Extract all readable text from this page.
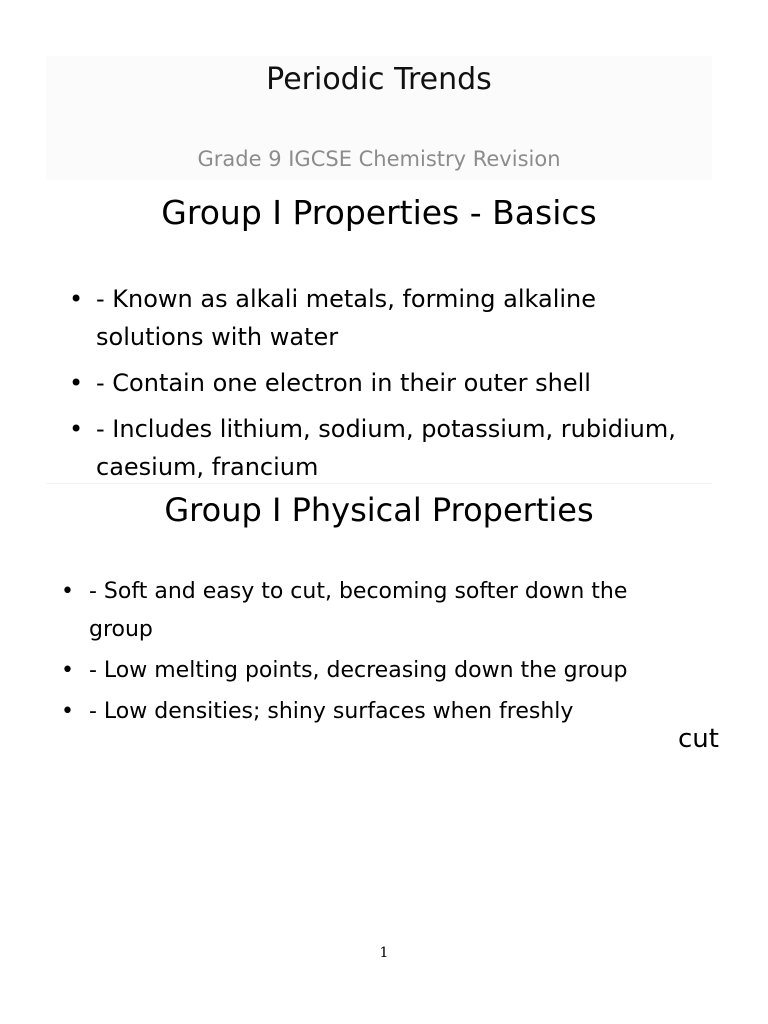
Periodic Trends
Grade 9 IGCSE Chemistry Revision
Group I Properties - Basics
• - Known as alkali metals, forming alkaline solutions with water
• - Contain one electron in their outer shell
• - Includes lithium, sodium, potassium, rubidium, caesium, francium
Group I Physical Properties
• - Soft and easy to cut, becoming softer down the group
• - Low melting points, decreasing down the group
• - Low densities; shiny surfaces when freshly
cut
1
